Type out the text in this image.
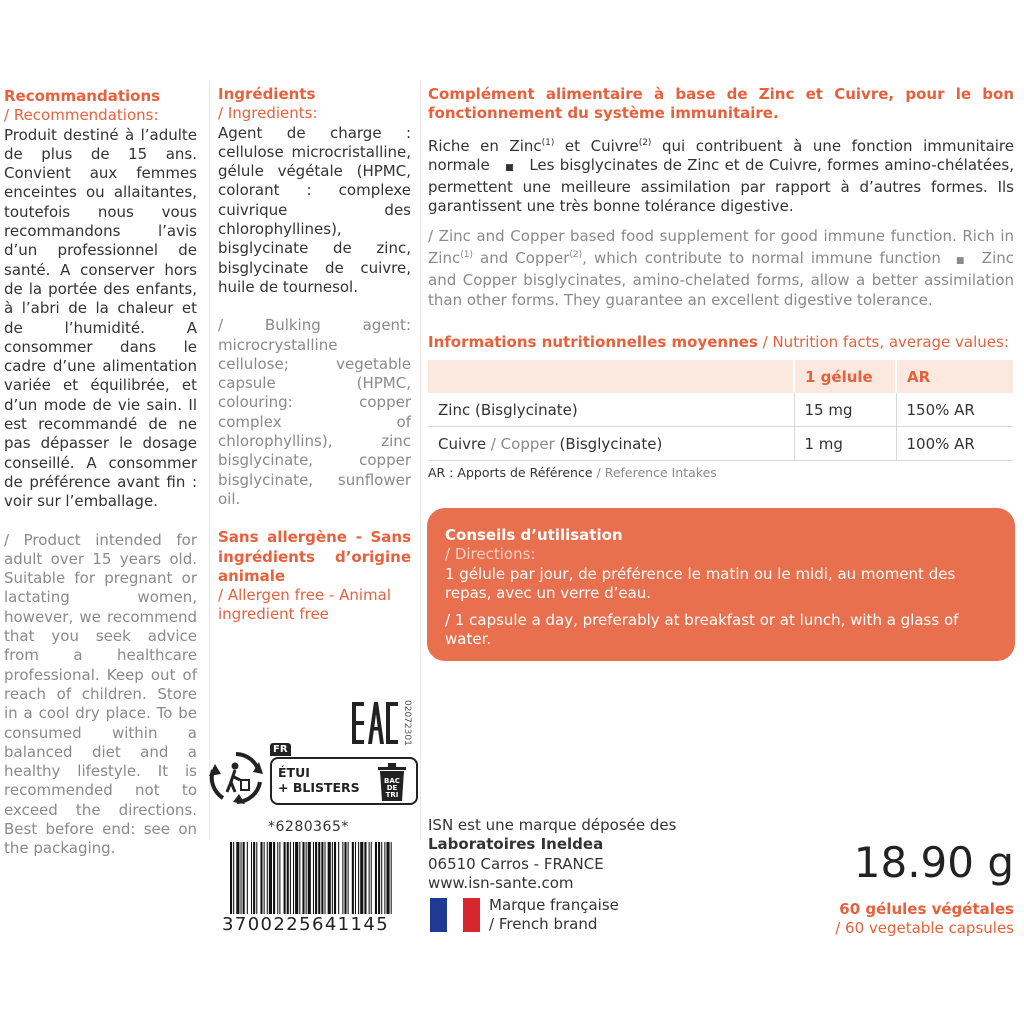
Recommandations

/ Recommendations:

Produit destiné à l’adulte de plus de 15 ans. Convient aux femmes enceintes ou allaitantes, toutefois nous vous recommandons l’avis d’un professionnel de santé. A conserver hors de la portée des enfants, à l’abri de la chaleur et de l’humidité. A consommer dans le cadre d’une alimentation variée et équilibrée, et d’un mode de vie sain. Il est recommandé de ne pas dépasser le dosage conseillé. A consommer de préférence avant fin : voir sur l’emballage.

/ Product intended for adult over 15 years old. Suitable for pregnant or lactating women, however, we recommend that you seek advice from a healthcare professional. Keep out of reach of children. Store in a cool dry place. To be consumed within a balanced diet and a healthy lifestyle. It is recommended not to exceed the directions. Best before end: see on the packaging.

Ingrédients

/ Ingredients:

Agent de charge : cellulose microcristalline, gélule végétale (HPMC, colorant : complexe cuivrique des chlorophyllines), bisglycinate de zinc, bisglycinate de cuivre, huile de tournesol.

/ Bulking agent: microcrystalline cellulose; vegetable capsule (HPMC, colouring: copper complex of chlorophyllins), zinc bisglycinate, copper bisglycinate, sunflower oil.

Sans allergène - Sans ingrédients d’origine animale

/ Allergen free - Animal ingredient free

Complément alimentaire à base de Zinc et Cuivre, pour le bon fonctionnement du système immunitaire.

Riche en Zinc$^{(1)}$ et Cuivre$^{(2)}$ qui contribuent à une fonction immunitaire normale ■ Les bisglycinates de Zinc et de Cuivre, formes amino-chélatées, permettent une meilleure assimilation par rapport à d’autres formes. Ils garantissent une très bonne tolérance digestive.

/ Zinc and Copper based food supplement for good immune function. Rich in Zinc$^{(1)}$ and Copper$^{(2)}$, which contribute to normal immune function ■ Zinc and Copper bisglycinates, amino-chelated forms, allow a better assimilation than other forms. They guarantee an excellent digestive tolerance.

Informations nutritionnelles moyennes / Nutrition facts, average values:
	1 gélule	AR
Zinc (Bisglycinate)	15 mg	150% AR
Cuivre / Copper (Bisglycinate)	1 mg	100% AR
AR : Apports de Référence / Reference Intakes
Conseils d’utilisation
/ Directions:
1 gélule par jour, de préférence le matin ou le midi, au moment des repas, avec un verre d’eau.
/ 1 capsule a day, preferably at breakfast or at lunch, with a glass of water.
02072301
FR
ÉTUI
+ BLISTERS	BAC
DE
TRI
*6280365*
3700225641145
ISN est une marque déposée des
Laboratoires Ineldea
06510 Carros - FRANCE
www.isn-sante.com
Marque française
/ French brand
18.90 g
60 gélules végétales
/ 60 vegetable capsules
